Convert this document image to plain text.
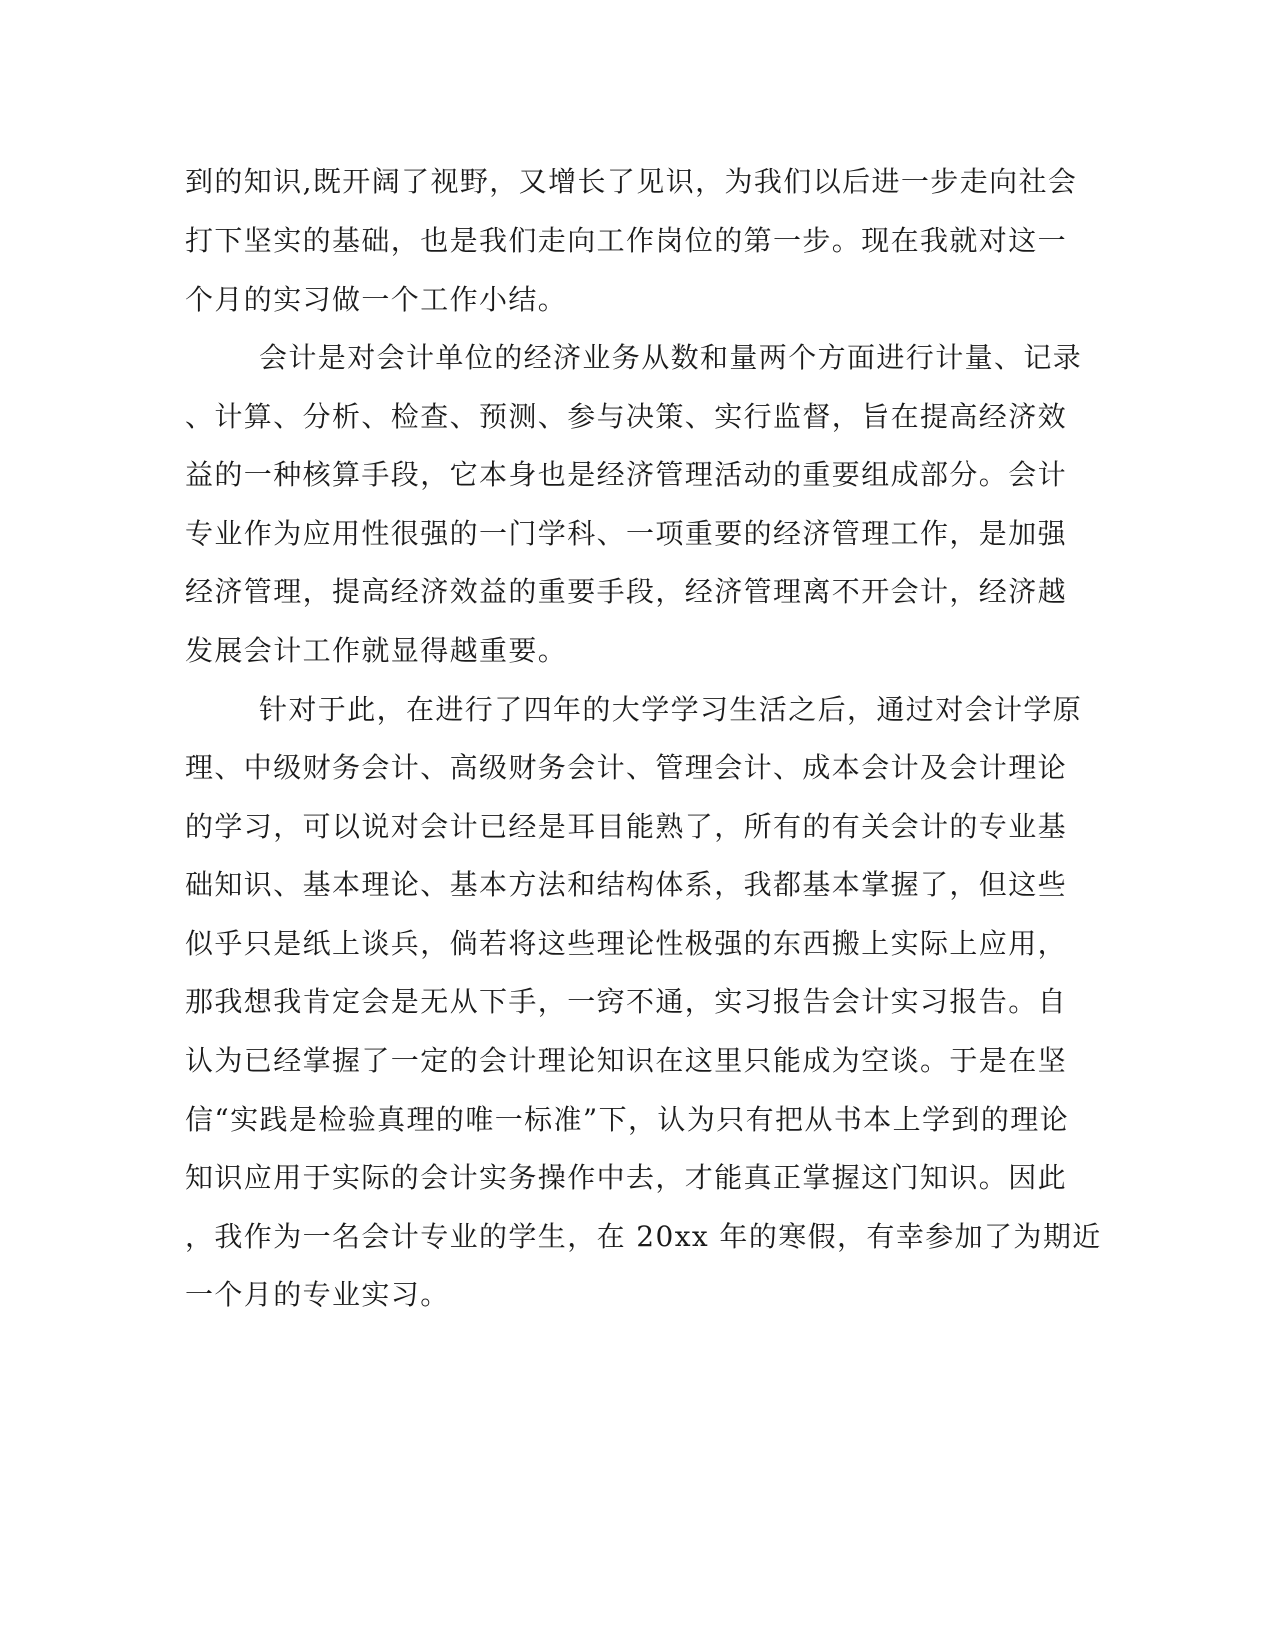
到的知识,既开阔了视野，又增长了见识，为我们以后进一步走向社会
打下坚实的基础，也是我们走向工作岗位的第一步。现在我就对这一
个月的实习做一个工作小结。
会计是对会计单位的经济业务从数和量两个方面进行计量、记录
、计算、分析、检查、预测、参与决策、实行监督，旨在提高经济效
益的一种核算手段，它本身也是经济管理活动的重要组成部分。会计
专业作为应用性很强的一门学科、一项重要的经济管理工作，是加强
经济管理，提高经济效益的重要手段，经济管理离不开会计，经济越
发展会计工作就显得越重要。
针对于此，在进行了四年的大学学习生活之后，通过对会计学原
理、中级财务会计、高级财务会计、管理会计、成本会计及会计理论
的学习，可以说对会计已经是耳目能熟了，所有的有关会计的专业基
础知识、基本理论、基本方法和结构体系，我都基本掌握了，但这些
似乎只是纸上谈兵，倘若将这些理论性极强的东西搬上实际上应用，
那我想我肯定会是无从下手，一窍不通，实习报告会计实习报告。自
认为已经掌握了一定的会计理论知识在这里只能成为空谈。于是在坚
信“实践是检验真理的唯一标准”下，认为只有把从书本上学到的理论
知识应用于实际的会计实务操作中去，才能真正掌握这门知识。因此
，我作为一名会计专业的学生，在 20xx 年的寒假，有幸参加了为期近
一个月的专业实习。
